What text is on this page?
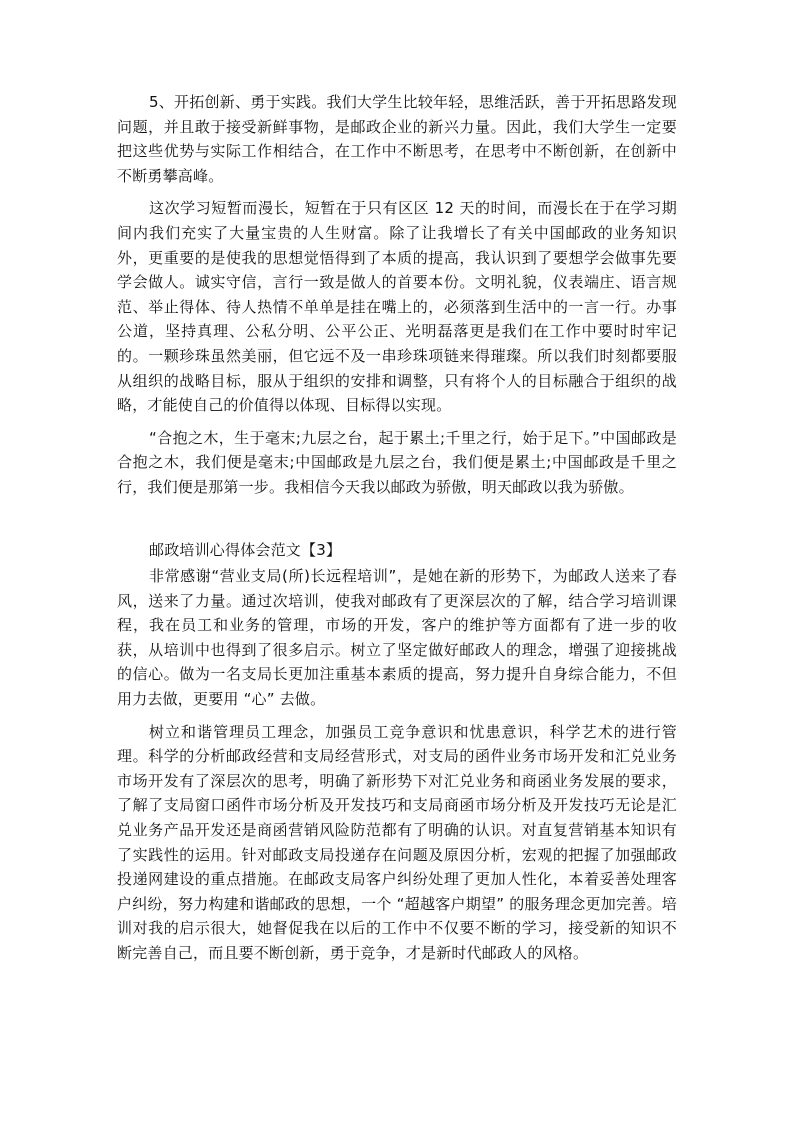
5、开拓创新、勇于实践。我们大学生比较年轻，思维活跃，善于开拓思路发现问题，并且敢于接受新鲜事物，是邮政企业的新兴力量。因此，我们大学生一定要把这些优势与实际工作相结合，在工作中不断思考，在思考中不断创新，在创新中不断勇攀高峰。

这次学习短暂而漫长，短暂在于只有区区 12 天的时间，而漫长在于在学习期间内我们充实了大量宝贵的人生财富。除了让我增长了有关中国邮政的业务知识外，更重要的是使我的思想觉悟得到了本质的提高，我认识到了要想学会做事先要学会做人。诚实守信，言行一致是做人的首要本份。文明礼貌，仪表端庄、语言规范、举止得体、待人热情不单单是挂在嘴上的，必须落到生活中的一言一行。办事公道，坚持真理、公私分明、公平公正、光明磊落更是我们在工作中要时时牢记的。一颗珍珠虽然美丽，但它远不及一串珍珠项链来得璀璨。所以我们时刻都要服从组织的战略目标，服从于组织的安排和调整，只有将个人的目标融合于组织的战略，才能使自己的价值得以体现、目标得以实现。

“合抱之木，生于毫末;九层之台，起于累土;千里之行，始于足下。”中国邮政是合抱之木，我们便是毫末;中国邮政是九层之台，我们便是累土;中国邮政是千里之行，我们便是那第一步。我相信今天我以邮政为骄傲，明天邮政以我为骄傲。

邮政培训心得体会范文【3】

非常感谢“营业支局(所)长远程培训”，是她在新的形势下，为邮政人送来了春风，送来了力量。通过次培训，使我对邮政有了更深层次的了解，结合学习培训课程，我在员工和业务的管理，市场的开发，客户的维护等方面都有了进一步的收获，从培训中也得到了很多启示。树立了坚定做好邮政人的理念，增强了迎接挑战的信心。做为一名支局长更加注重基本素质的提高，努力提升自身综合能力，不但用力去做，更要用 “心” 去做。

树立和谐管理员工理念，加强员工竞争意识和忧患意识，科学艺术的进行管理。科学的分析邮政经营和支局经营形式，对支局的函件业务市场开发和汇兑业务市场开发有了深层次的思考，明确了新形势下对汇兑业务和商函业务发展的要求，了解了支局窗口函件市场分析及开发技巧和支局商函市场分析及开发技巧无论是汇兑业务产品开发还是商函营销风险防范都有了明确的认识。对直复营销基本知识有了实践性的运用。针对邮政支局投递存在问题及原因分析，宏观的把握了加强邮政投递网建设的重点措施。在邮政支局客户纠纷处理了更加人性化，本着妥善处理客户纠纷，努力构建和谐邮政的思想，一个 “超越客户期望” 的服务理念更加完善。培训对我的启示很大，她督促我在以后的工作中不仅要不断的学习，接受新的知识不断完善自己，而且要不断创新，勇于竞争，才是新时代邮政人的风格。
